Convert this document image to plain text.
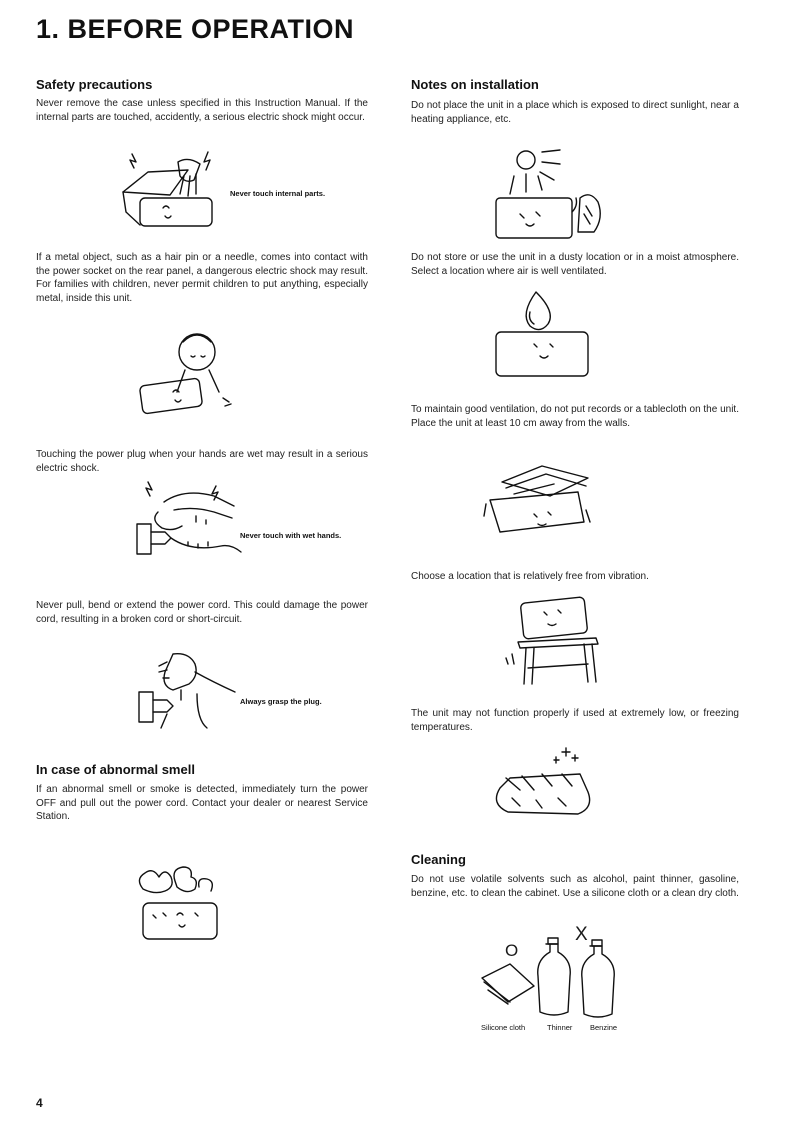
1. BEFORE OPERATION
Safety precautions

Never remove the case unless specified in this Instruction Manual. If the internal parts are touched, accidently, a serious electric shock might occur.

Never touch internal parts.

If a metal object, such as a hair pin or a needle, comes into contact with the power socket on the rear panel, a dangerous electric shock may result. For families with children, never permit children to put anything, especially metal, inside this unit.

Touching the power plug when your hands are wet may result in a serious electric shock.

Never touch with wet hands.

Never pull, bend or extend the power cord. This could damage the power cord, resulting in a broken cord or short-circuit.

Always grasp the plug.
In case of abnormal smell

If an abnormal smell or smoke is detected, immediately turn the power OFF and pull out the power cord. Contact your dealer or nearest Service Station.

Notes on installation

Do not place the unit in a place which is exposed to direct sunlight, near a heating appliance, etc.

Do not store or use the unit in a dusty location or in a moist atmosphere. Select a location where air is well ventilated.

To maintain good ventilation, do not put records or a tablecloth on the unit. Place the unit at least 10 cm away from the walls.

Choose a location that is relatively free from vibration.

The unit may not function properly if used at extremely low, or freezing temperatures.

Cleaning

Do not use volatile solvents such as alcohol, paint thinner, gasoline, benzine, etc. to clean the cabinet. Use a silicone cloth or a clean dry cloth.

O
X
Silicone cloth	Thinner Benzine
4
